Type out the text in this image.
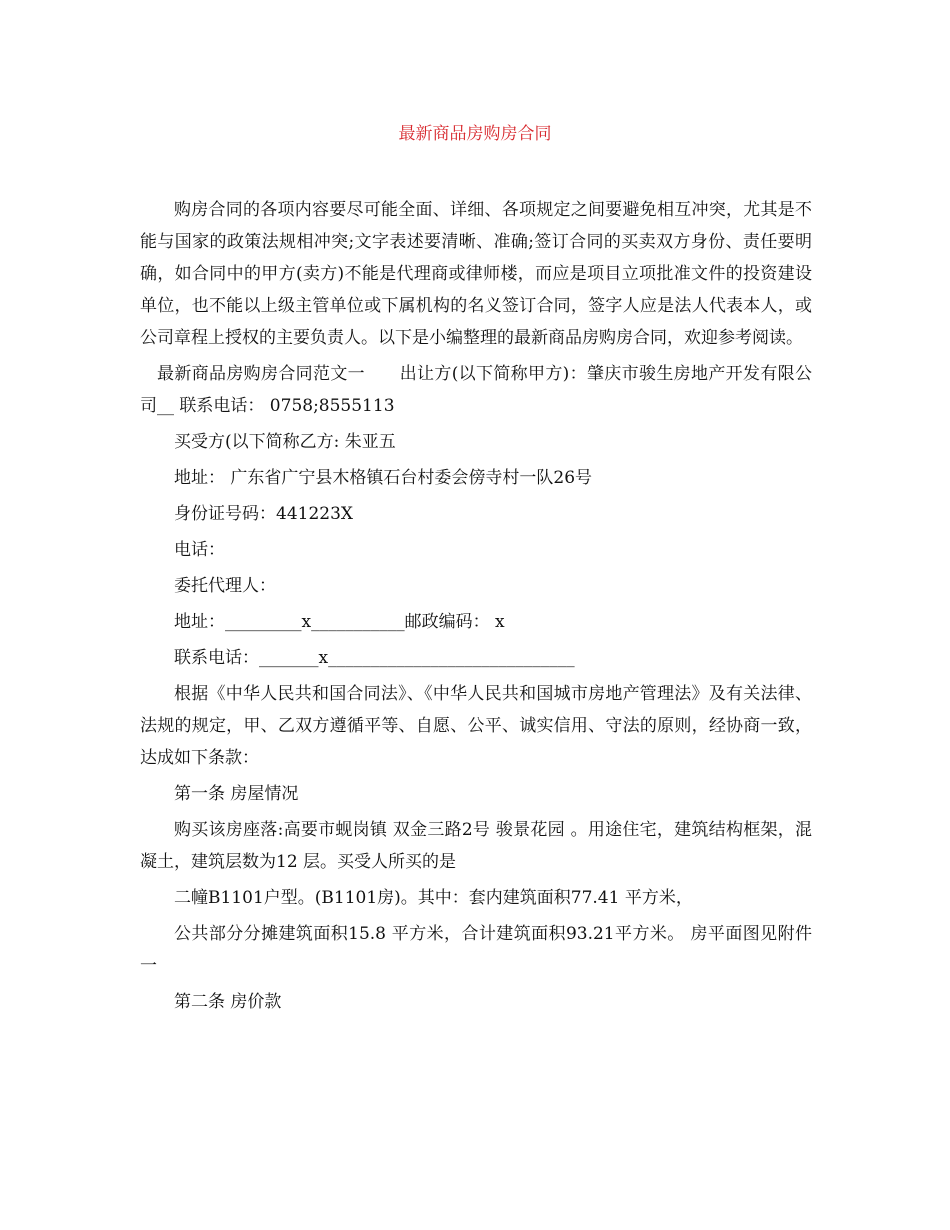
最新商品房购房合同

购房合同的各项内容要尽可能全面、详细、各项规定之间要避免相互冲突，尤其是不能与国家的政策法规相冲突;文字表述要清晰、准确;签订合同的买卖双方身份、责任要明确，如合同中的甲方(卖方)不能是代理商或律师楼，而应是项目立项批准文件的投资建设单位，也不能以上级主管单位或下属机构的名义签订合同，签字人应是法人代表本人，或公司章程上授权的主要负责人。以下是小编整理的最新商品房购房合同，欢迎参考阅读。

最新商品房购房合同范文一　　出让方(以下简称甲方)：肇庆市骏生房地产开发有限公司__ 联系电话： 0758;8555113

买受方(以下简称乙方: 朱亚五

地址： 广东省广宁县木格镇石台村委会傍寺村一队26号

身份证号码：441223X

电话：

委托代理人：

地址：_________x___________邮政编码： x

联系电话：_______x_____________________________

根据《中华人民共和国合同法》、《中华人民共和国城市房地产管理法》及有关法律、法规的规定，甲、乙双方遵循平等、自愿、公平、诚实信用、守法的原则，经协商一致，达成如下条款：

第一条 房屋情况

购买该房座落:高要市蚬岗镇 双金三路2号 骏景花园 。用途住宅，建筑结构框架，混凝土，建筑层数为12 层。买受人所买的是

二幢B1101户型。(B1101房)。其中：套内建筑面积77.41 平方米，

公共部分分摊建筑面积15.8 平方米，合计建筑面积93.21平方米。 房平面图见附件一

第二条 房价款
